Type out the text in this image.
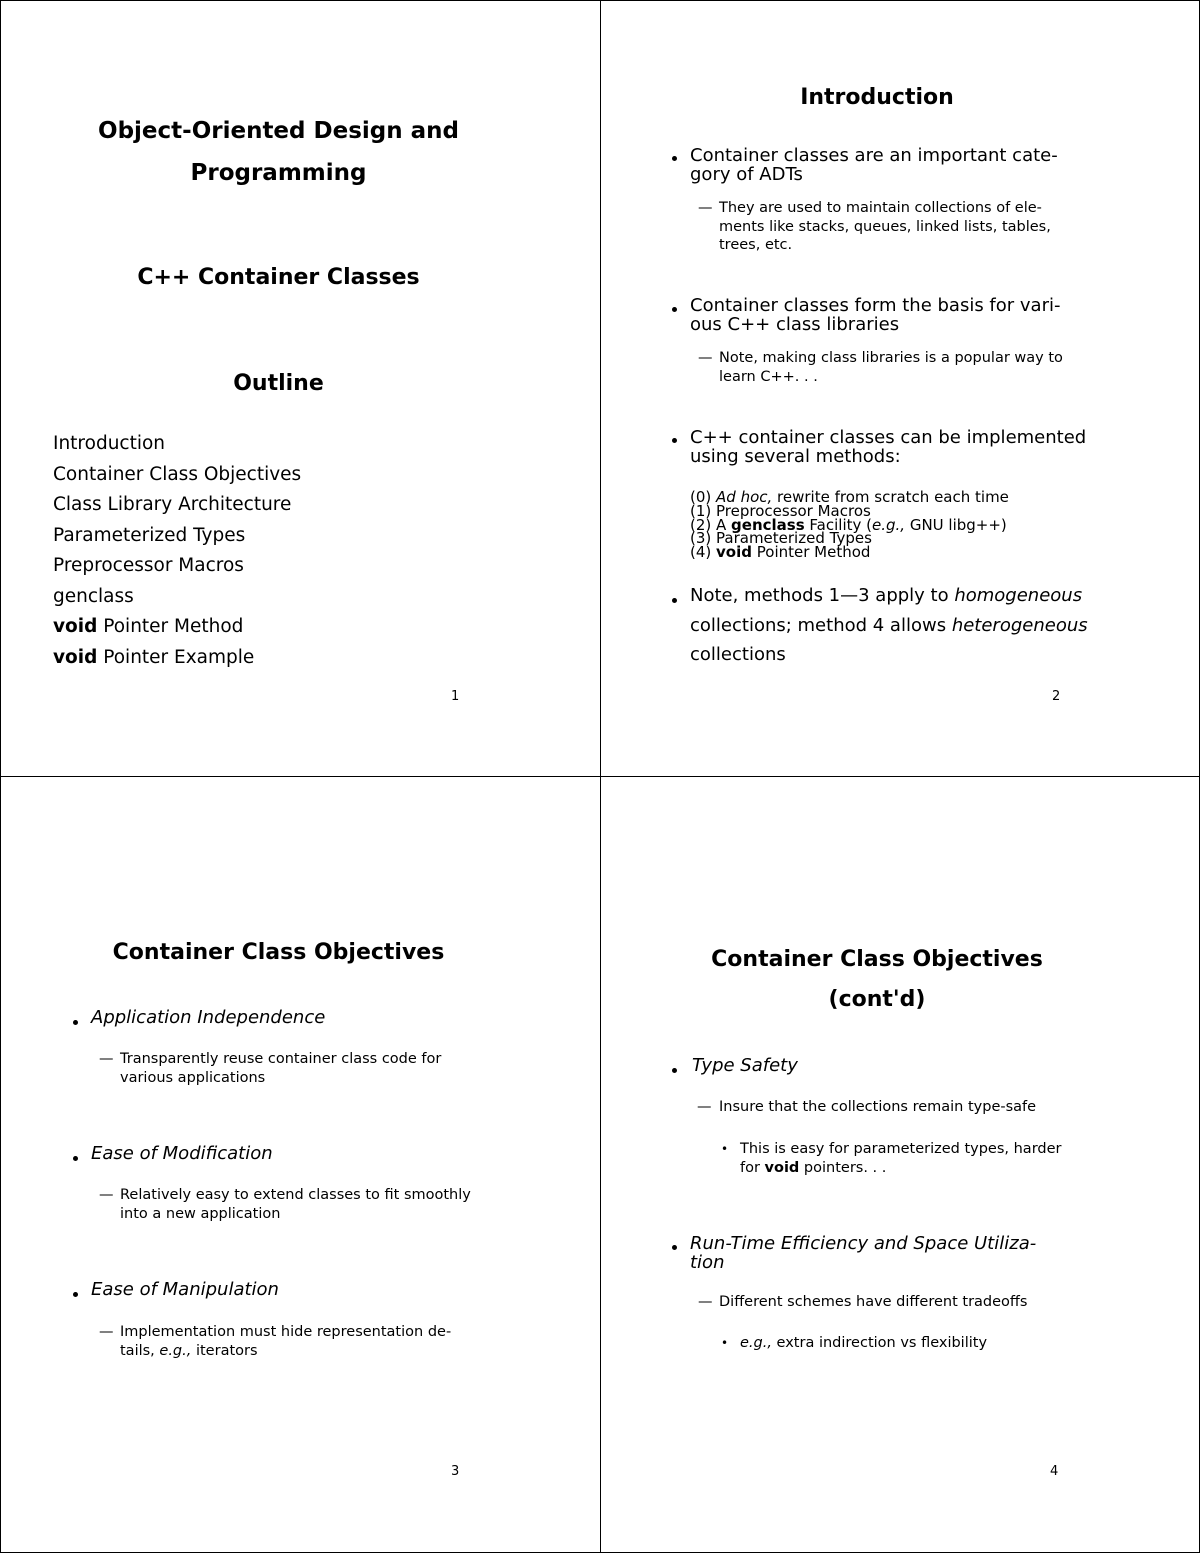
Object-Oriented Design and
Programming
C++ Container Classes
Outline
Introduction
Container Class Objectives
Class Library Architecture
Parameterized Types
Preprocessor Macros
genclass
void Pointer Method
void Pointer Example
1
Introduction
Container classes are an important cate-
gory of ADTs
— They are used to maintain collections of ele-
ments like stacks, queues, linked lists, tables,
trees, etc.
Container classes form the basis for vari-
ous C++ class libraries
— Note, making class libraries is a popular way to
learn C++. . .
C++ container classes can be implemented
using several methods:
(0) Ad hoc, rewrite from scratch each time
(1) Preprocessor Macros
(2) A genclass Facility (e.g., GNU libg++)
(3) Parameterized Types
(4) void Pointer Method
Note, methods 1—3 apply to homogeneous
collections; method 4 allows heterogeneous
collections
2
Container Class Objectives
Application Independence
— Transparently reuse container class code for
various applications
Ease of Modification
— Relatively easy to extend classes to fit smoothly
into a new application
Ease of Manipulation
— Implementation must hide representation de-
tails, e.g., iterators
3
Container Class Objectives
(cont'd)
Type Safety
— Insure that the collections remain type-safe
• This is easy for parameterized types, harder
for void pointers. . .
Run-Time Efficiency and Space Utiliza-
tion
— Different schemes have different tradeoffs
• e.g., extra indirection vs flexibility
4
